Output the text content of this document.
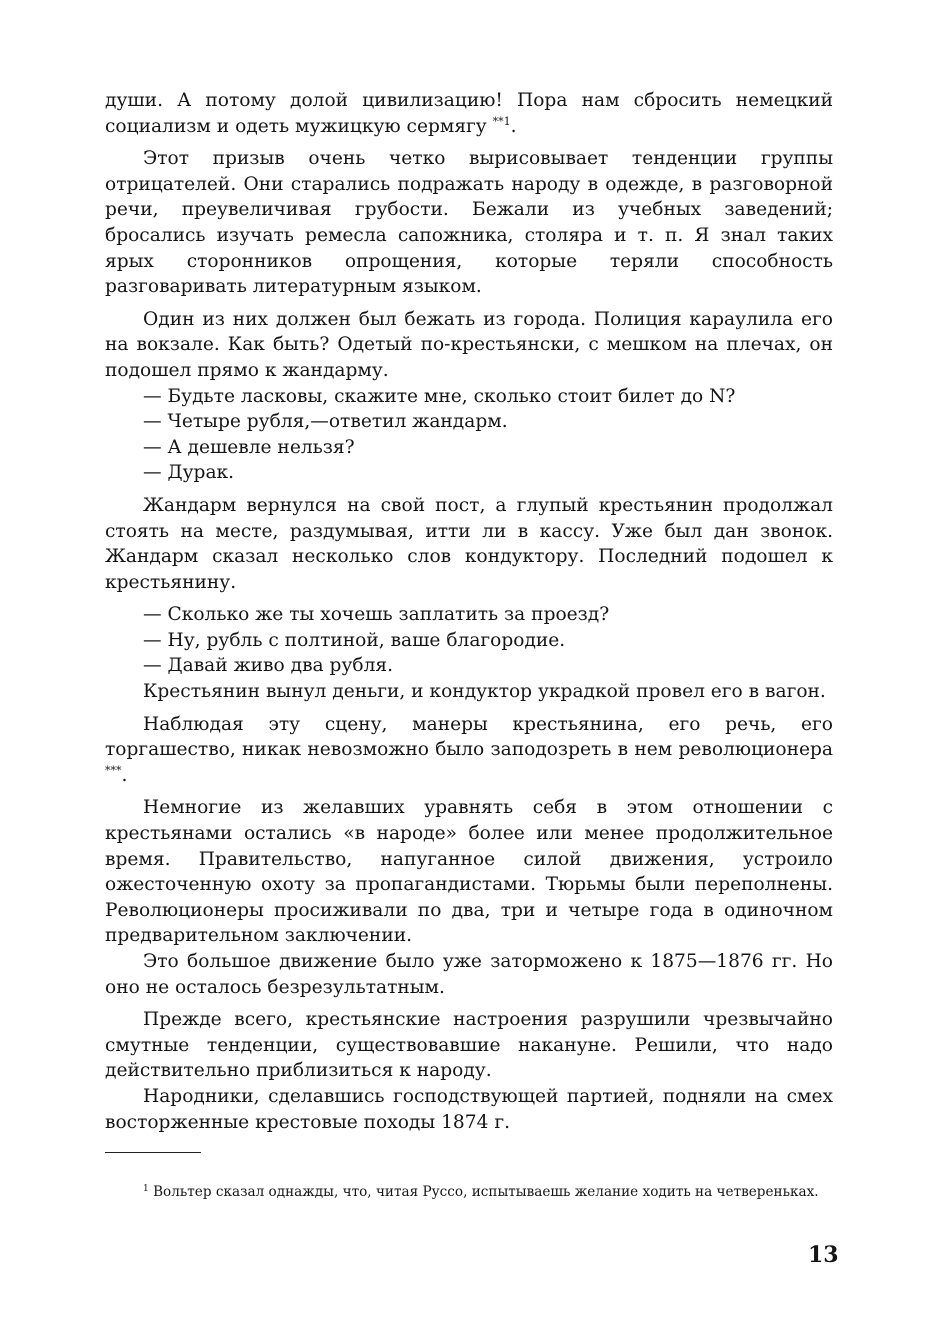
души. А потому долой цивилизацию! Пора нам сбросить немецкий социализм и одеть мужицкую сермягу $^{**1}$.

Этот призыв очень четко вырисовывает тенденции группы отрицателей. Они старались подражать народу в одежде, в разговорной речи, преувеличивая грубости. Бежали из учебных заведений; бросались изучать ремесла сапожника, столяра и т. п. Я знал таких ярых сторонников опрощения, которые теряли способность разговаривать литературным языком.

Один из них должен был бежать из города. Полиция караулила его на вокзале. Как быть? Одетый по-крестьянски, с мешком на плечах, он подошел прямо к жандарму.

— Будьте ласковы, скажите мне, сколько стоит билет до N?

— Четыре рубля,—ответил жандарм.

— А дешевле нельзя?

— Дурак.

Жандарм вернулся на свой пост, а глупый крестьянин продолжал стоять на месте, раздумывая, итти ли в кассу. Уже был дан звонок. Жандарм сказал несколько слов кондуктору. Последний подошел к крестьянину.

— Сколько же ты хочешь заплатить за проезд?

— Ну, рубль с полтиной, ваше благородие.

— Давай живо два рубля.

Крестьянин вынул деньги, и кондуктор украдкой провел его в вагон.

Наблюдая эту сцену, манеры крестьянина, его речь, его торгашество, никак невозможно было заподозреть в нем революционера ***.

Немногие из желавших уравнять себя в этом отношении с крестьянами остались «в народе» более или менее продолжительное время. Правительство, напуганное силой движения, устроило ожесточенную охоту за пропагандистами. Тюрьмы были переполнены. Революционеры просиживали по два, три и четыре года в одиночном предварительном заключении.

Это большое движение было уже заторможено к 1875—1876 гг. Но оно не осталось безрезультатным.

Прежде всего, крестьянские настроения разрушили чрезвычайно смутные тенденции, существовавшие накануне. Решили, что надо действительно приблизиться к народу.

Народники, сделавшись господствующей партией, подняли на смех восторженные крестовые походы 1874 г.

$^1$ Вольтер сказал однажды, что, читая Руссо, испытываешь желание ходить на четвереньках.

13
